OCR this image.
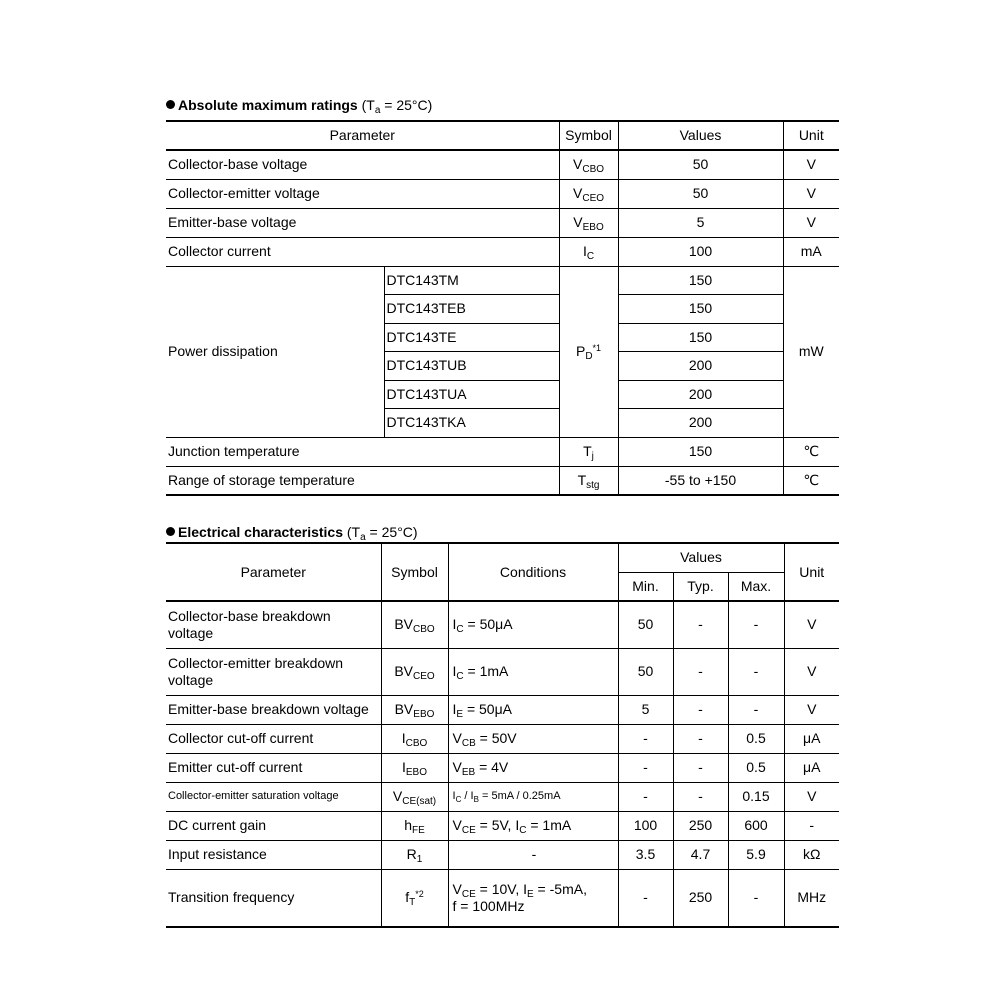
Absolute maximum ratings $(T_a = 25^\circ C)$
Parameter		Symbol	Values	Unit
Collector-base voltage		$V_{CBO}$	50	V
Collector-emitter voltage		$V_{CEO}$	50	V
Emitter-base voltage		$V_{EBO}$	5	V
Collector current		$I_C$	100	mA
Power dissipation	DTC143TM	$P_D^{*1}$	150	mW
	DTC143TEB		150	
	DTC143TE		150	
	DTC143TUB		200	
	DTC143TUA		200	
	DTC143TKA		200	
Junction temperature		$T_j$	150	℃
Range of storage temperature		$T_{stg}$	-55 to +150	℃
Electrical characteristics $(T_a = 25^\circ C)$
Parameter	Symbol	Conditions	Values			Unit
			Min.	Typ.	Max.	
Collector-base breakdown voltage	$BV_{CBO}$	$I_C = 50\mu A$	50	-	-	V
Collector-emitter breakdown voltage	$BV_{CEO}$	$I_C = 1mA$	50	-	-	V
Emitter-base breakdown voltage	$BV_{EBO}$	$I_E = 50\mu A$	5	-	-	V
Collector cut-off current	$I_{CBO}$	$V_{CB} = 50V$	-	-	0.5	μA
Emitter cut-off current	$I_{EBO}$	$V_{EB} = 4V$	-	-	0.5	μA
Collector-emitter saturation voltage	$V_{CE(sat)}$	$I_C / I_B = 5mA / 0.25mA$	-	-	0.15	V
DC current gain	$h_{FE}$	$V_{CE} = 5V$, $I_C = 1mA$	100	250	600	-
Input resistance	$R_1$	-	3.5	4.7	5.9	kΩ
Transition frequency	$f_T^{*2}$	$V_{CE} = 10V$, $I_E = -5mA$,
f = 100MHz	-	250	-	MHz
